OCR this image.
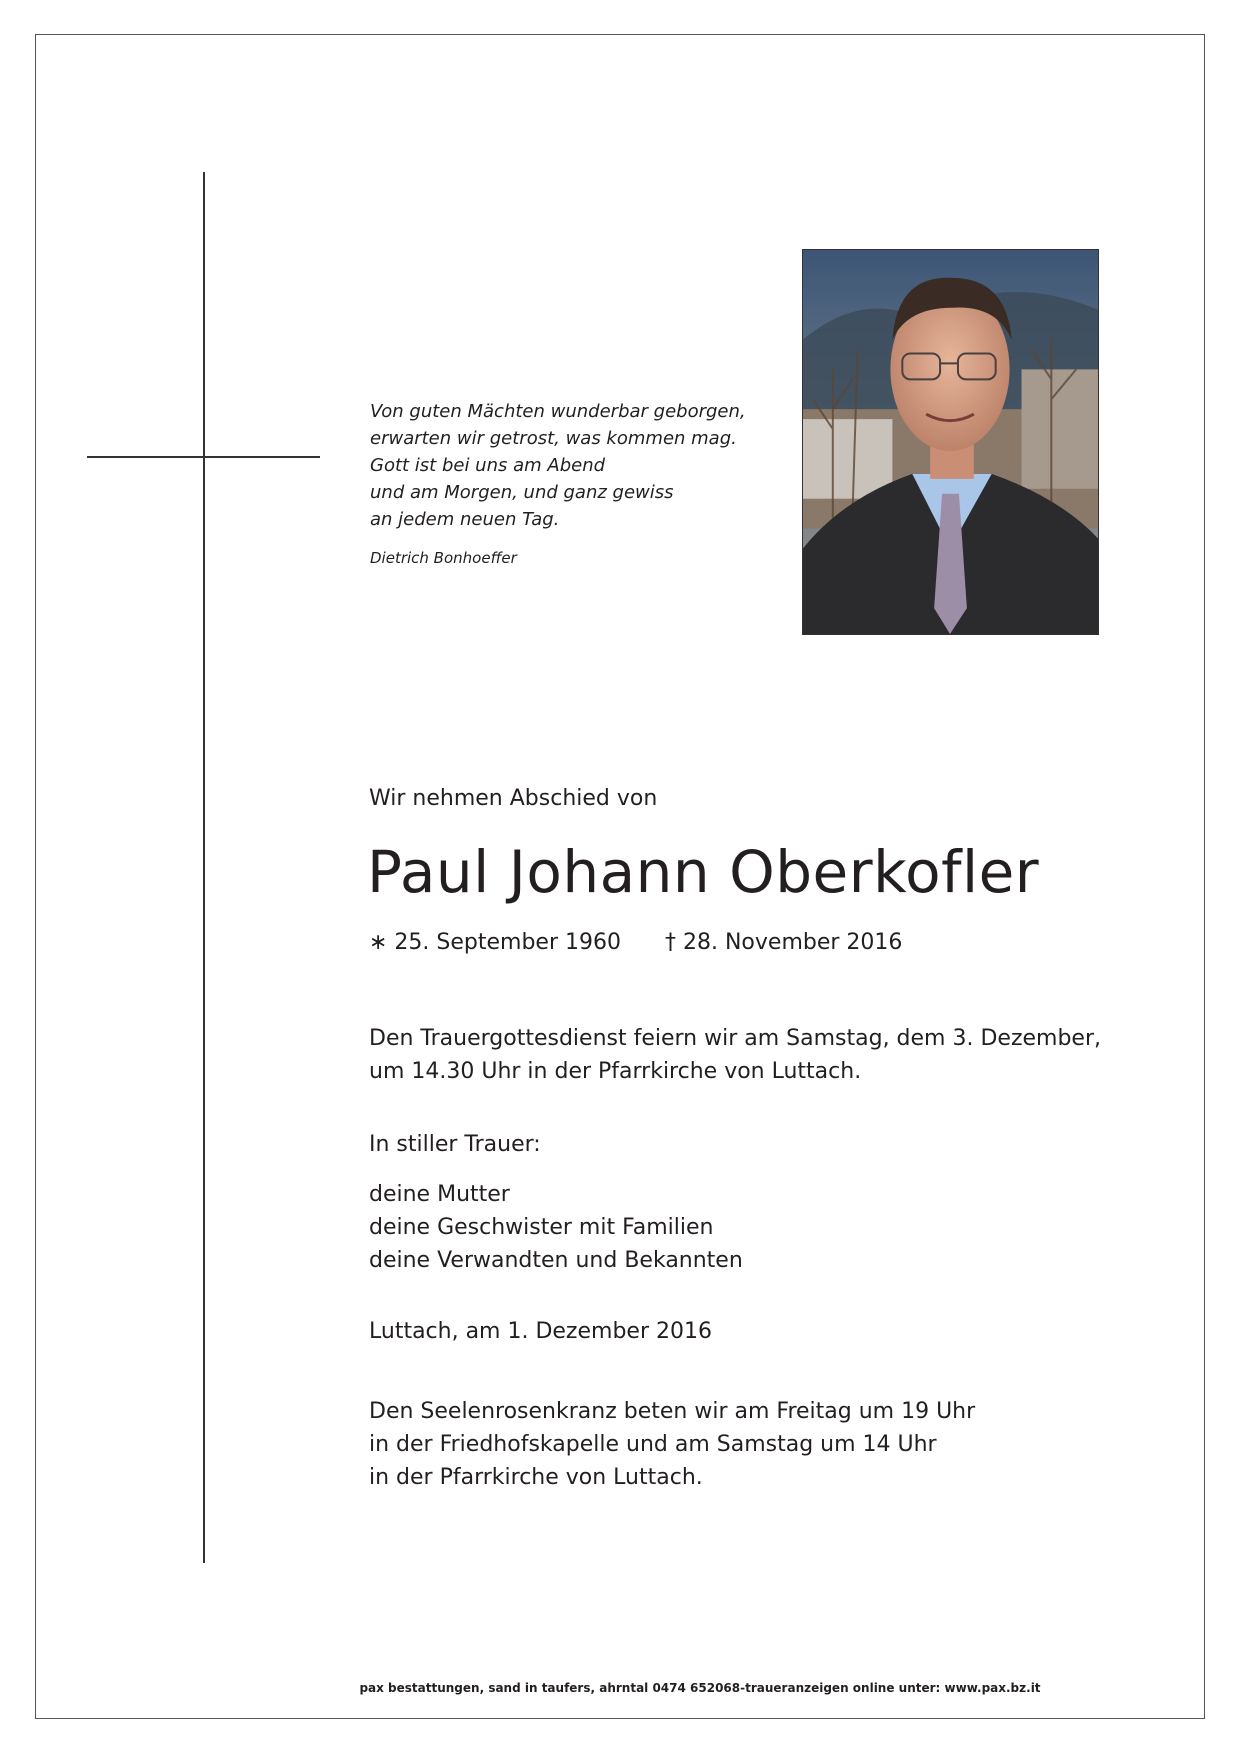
Von guten Mächten wunderbar geborgen,
erwarten wir getrost, was kommen mag.
Gott ist bei uns am Abend
und am Morgen, und ganz gewiss
an jedem neuen Tag.
Dietrich Bonhoeffer
Wir nehmen Abschied von
Paul Johann Oberkofler
∗ 25. September 1960 † 28. November 2016
Den Trauergottesdienst feiern wir am Samstag, dem 3. Dezember,
um 14.30 Uhr in der Pfarrkirche von Luttach.
In stiller Trauer:
deine Mutter
deine Geschwister mit Familien
deine Verwandten und Bekannten
Luttach, am 1. Dezember 2016
Den Seelenrosenkranz beten wir am Freitag um 19 Uhr
in der Friedhofskapelle und am Samstag um 14 Uhr
in der Pfarrkirche von Luttach.
pax bestattungen, sand in taufers, ahrntal 0474 652068-traueranzeigen online unter: www.pax.bz.it
